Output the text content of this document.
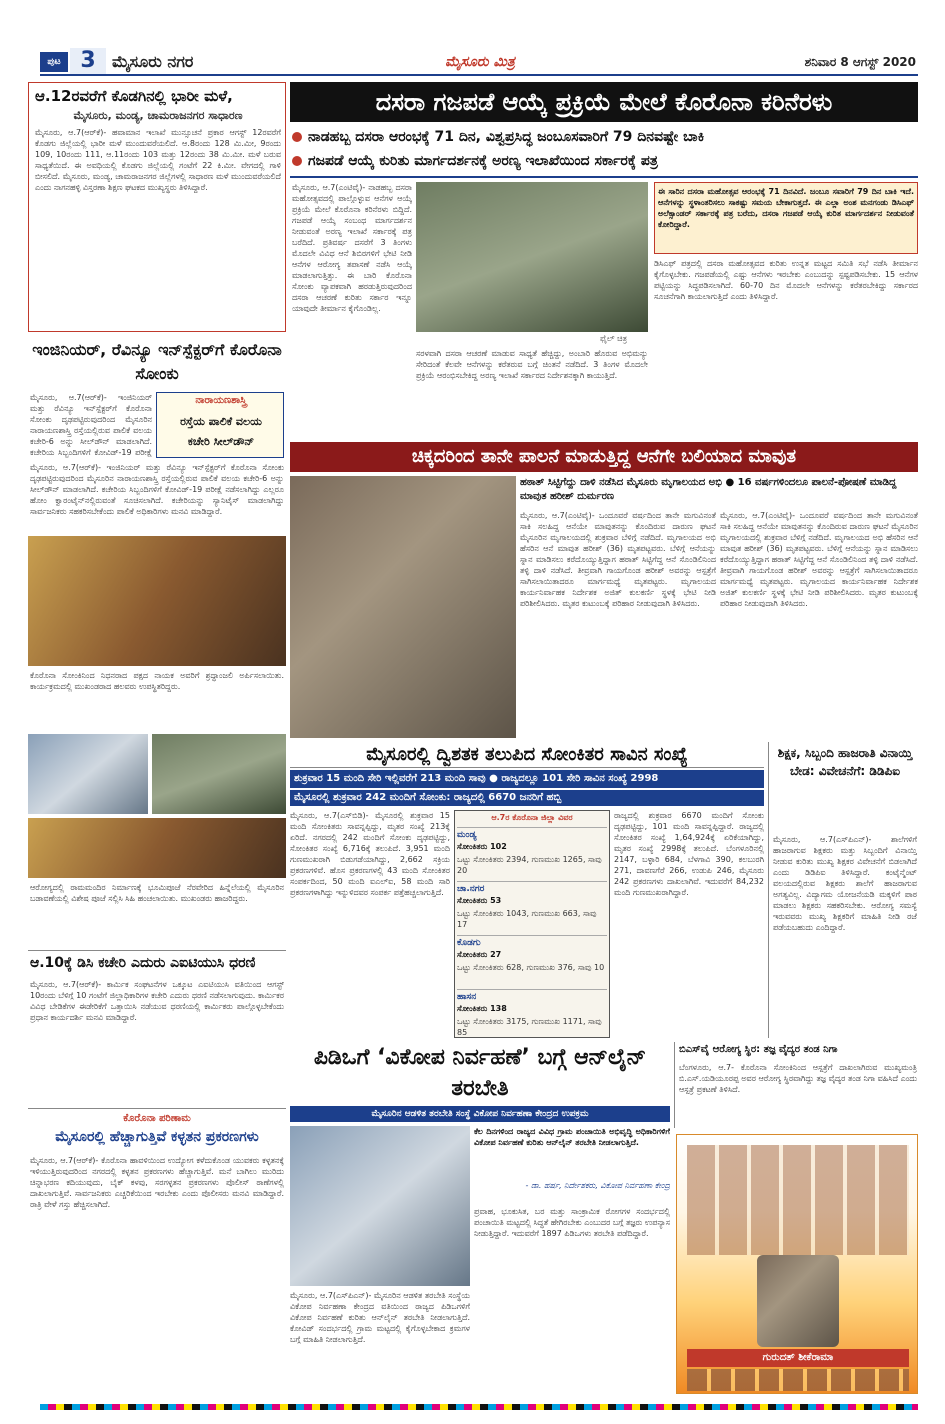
ಪುಟ 3	ಮೈಸೂರು ನಗರ	ಮೈಸೂರು ಮಿತ್ರ	ಶನಿವಾರ 8 ಆಗಸ್ಟ್ 2020
ಆ.12ರವರೆಗೆ ಕೊಡಗಿನಲ್ಲಿ ಭಾರೀ ಮಳೆ,
ಮೈಸೂರು, ಮಂಡ್ಯ, ಚಾಮರಾಜನಗರ ಸಾಧಾರಣ
ಮೈಸೂರು, ಆ.7(ಆರ್‌ಕೆ)- ಹವಾಮಾನ ಇಲಾಖೆ ಮುನ್ಸೂಚನೆ ಪ್ರಕಾರ ಆಗಸ್ಟ್ 12ರವರೆಗೆ ಕೊಡಗು ಜಿಲ್ಲೆಯಲ್ಲಿ ಭಾರೀ ಮಳೆ ಮುಂದುವರೆಯಲಿದೆ. ಆ.8ರಂದು 128 ಮಿ.ಮೀ, 9ರಂದು 109, 10ರಂದು 111, ಆ.11ರಂದು 103 ಮತ್ತು 12ರಂದು 38 ಮಿ.ಮೀ. ಮಳೆ ಬರುವ ಸಾಧ್ಯತೆಯಿದೆ. ಈ ಅವಧಿಯಲ್ಲಿ ಕೊಡಗು ಜಿಲ್ಲೆಯಲ್ಲಿ ಗಂಟೆಗೆ 22 ಕಿ.ಮೀ. ವೇಗದಲ್ಲಿ ಗಾಳಿ ಬೀಸಲಿದೆ. ಮೈಸೂರು, ಮಂಡ್ಯ, ಚಾಮರಾಜನಗರ ಜಿಲ್ಲೆಗಳಲ್ಲಿ ಸಾಧಾರಣ ಮಳೆ ಮುಂದುವರೆಯಲಿದೆ ಎಂದು ನಾಗನಹಳ್ಳಿ ವಿಸ್ತರಣಾ ಶಿಕ್ಷಣ ಘಟಕದ ಮುಖ್ಯಸ್ಥರು ತಿಳಿಸಿದ್ದಾರೆ.
ಇಂಜಿನಿಯರ್, ರೆವಿನ್ಯೂ ಇನ್‌ಸ್ಪೆಕ್ಟರ್‌ಗೆ ಕೊರೊನಾ ಸೋಂಕು
ನಾರಾಯಣಶಾಸ್ತ್ರಿ
ರಸ್ತೆಯ ಪಾಲಿಕೆ ವಲಯ
ಕಚೇರಿ ಸೀಲ್‌ಡೌನ್
ಮೈಸೂರು, ಆ.7(ಆರ್‌ಕೆ)- ಇಂಜಿನಿಯರ್ ಮತ್ತು ರೆವಿನ್ಯೂ ಇನ್‌ಸ್ಪೆಕ್ಟರ್‌ಗೆ ಕೊರೊನಾ ಸೋಂಕು ದೃಢಪಟ್ಟಿರುವುದರಿಂದ ಮೈಸೂರಿನ ನಾರಾಯಣಶಾಸ್ತ್ರಿ ರಸ್ತೆಯಲ್ಲಿರುವ ಪಾಲಿಕೆ ವಲಯ ಕಚೇರಿ-6 ಅನ್ನು ಸೀಲ್‌ಡೌನ್ ಮಾಡಲಾಗಿದೆ. ಕಚೇರಿಯ ಸಿಬ್ಬಂದಿಗಳಿಗೆ ಕೋವಿಡ್-19 ಪರೀಕ್ಷೆ
ಮೈಸೂರು, ಆ.7(ಆರ್‌ಕೆ)- ಇಂಜಿನಿಯರ್ ಮತ್ತು ರೆವಿನ್ಯೂ ಇನ್‌ಸ್ಪೆಕ್ಟರ್‌ಗೆ ಕೊರೊನಾ ಸೋಂಕು ದೃಢಪಟ್ಟಿರುವುದರಿಂದ ಮೈಸೂರಿನ ನಾರಾಯಣಶಾಸ್ತ್ರಿ ರಸ್ತೆಯಲ್ಲಿರುವ ಪಾಲಿಕೆ ವಲಯ ಕಚೇರಿ-6 ಅನ್ನು ಸೀಲ್‌ಡೌನ್ ಮಾಡಲಾಗಿದೆ. ಕಚೇರಿಯ ಸಿಬ್ಬಂದಿಗಳಿಗೆ ಕೋವಿಡ್-19 ಪರೀಕ್ಷೆ ನಡೆಸಲಾಗಿದ್ದು ಎಲ್ಲರೂ ಹೋಂ ಕ್ವಾರಂಟೈನ್‌ನಲ್ಲಿರುವಂತೆ ಸೂಚಿಸಲಾಗಿದೆ. ಕಚೇರಿಯನ್ನು ಸ್ಯಾನಿಟೈಸ್ ಮಾಡಲಾಗಿದ್ದು ಸಾರ್ವಜನಿಕರು ಸಹಕರಿಸಬೇಕೆಂದು ಪಾಲಿಕೆ ಅಧಿಕಾರಿಗಳು ಮನವಿ ಮಾಡಿದ್ದಾರೆ.
ಕೊರೊನಾ ಸೋಂಕಿನಿಂದ ನಿಧನರಾದ ಪಕ್ಷದ ನಾಯಕ ಅವರಿಗೆ ಶ್ರದ್ಧಾಂಜಲಿ ಅರ್ಪಿಸಲಾಯಿತು. ಕಾರ್ಯಕ್ರಮದಲ್ಲಿ ಮುಖಂಡರಾದ ಹಲವರು ಉಪಸ್ಥಿತರಿದ್ದರು.
ಆರೋಗ್ಯದಲ್ಲಿ ರಾಮಮಂದಿರ ನಿರ್ಮಾಣಕ್ಕೆ ಭೂಮಿಪೂಜೆ ನೆರವೇರಿದ ಹಿನ್ನೆಲೆಯಲ್ಲಿ ಮೈಸೂರಿನ ಬಡಾವಣೆಯಲ್ಲಿ ವಿಶೇಷ ಪೂಜೆ ಸಲ್ಲಿಸಿ ಸಿಹಿ ಹಂಚಲಾಯಿತು. ಮುಖಂಡರು ಹಾಜರಿದ್ದರು.
ಆ.10ಕ್ಕೆ ಡಿಸಿ ಕಚೇರಿ ಎದುರು ಎಐಟಿಯುಸಿ ಧರಣಿ
ಮೈಸೂರು, ಆ.7(ಆರ್‌ಕೆ)- ಕಾರ್ಮಿಕ ಸಂಘಟನೆಗಳ ಒಕ್ಕೂಟ ಎಐಟಿಯುಸಿ ವತಿಯಿಂದ ಆಗಸ್ಟ್ 10ರಂದು ಬೆಳಿಗ್ಗೆ 10 ಗಂಟೆಗೆ ಜಿಲ್ಲಾಧಿಕಾರಿಗಳ ಕಚೇರಿ ಎದುರು ಧರಣಿ ನಡೆಸಲಾಗುವುದು. ಕಾರ್ಮಿಕರ ವಿವಿಧ ಬೇಡಿಕೆಗಳ ಈಡೇರಿಕೆಗೆ ಒತ್ತಾಯಿಸಿ ನಡೆಯುವ ಧರಣಿಯಲ್ಲಿ ಕಾರ್ಮಿಕರು ಪಾಲ್ಗೊಳ್ಳಬೇಕೆಂದು ಪ್ರಧಾನ ಕಾರ್ಯದರ್ಶಿ ಮನವಿ ಮಾಡಿದ್ದಾರೆ.
ಕೊರೊನಾ ಪರಿಣಾಮ
ಮೈಸೂರಲ್ಲಿ ಹೆಚ್ಚಾಗುತ್ತಿವೆ ಕಳ್ಳತನ ಪ್ರಕರಣಗಳು
ಮೈಸೂರು, ಆ.7(ಆರ್‌ಕೆ)- ಕೊರೊನಾ ಹಾವಳಿಯಿಂದ ಉದ್ಯೋಗ ಕಳೆದುಕೊಂಡ ಯುವಕರು ಕಳ್ಳತನಕ್ಕೆ ಇಳಿಯುತ್ತಿರುವುದರಿಂದ ನಗರದಲ್ಲಿ ಕಳ್ಳತನ ಪ್ರಕರಣಗಳು ಹೆಚ್ಚಾಗುತ್ತಿವೆ. ಮನೆ ಬಾಗಿಲು ಮುರಿದು ಚಿನ್ನಾಭರಣ ಕದಿಯುವುದು, ಬೈಕ್ ಕಳವು, ಸರಗಳ್ಳತನ ಪ್ರಕರಣಗಳು ಪೊಲೀಸ್ ಠಾಣೆಗಳಲ್ಲಿ ದಾಖಲಾಗುತ್ತಿವೆ. ಸಾರ್ವಜನಿಕರು ಎಚ್ಚರಿಕೆಯಿಂದ ಇರಬೇಕು ಎಂದು ಪೊಲೀಸರು ಮನವಿ ಮಾಡಿದ್ದಾರೆ. ರಾತ್ರಿ ವೇಳೆ ಗಸ್ತು ಹೆಚ್ಚಿಸಲಾಗಿದೆ.
ದಸರಾ ಗಜಪಡೆ ಆಯ್ಕೆ ಪ್ರಕ್ರಿಯೆ ಮೇಲೆ ಕೊರೊನಾ ಕರಿನೆರಳು
ನಾಡಹಬ್ಬ ದಸರಾ ಆರಂಭಕ್ಕೆ 71 ದಿನ, ವಿಶ್ವಪ್ರಸಿದ್ಧ ಜಂಬೂಸವಾರಿಗೆ 79 ದಿನವಷ್ಟೇ ಬಾಕಿ
ಗಜಪಡೆ ಆಯ್ಕೆ ಕುರಿತು ಮಾರ್ಗದರ್ಶನಕ್ಕೆ ಅರಣ್ಯ ಇಲಾಖೆಯಿಂದ ಸರ್ಕಾರಕ್ಕೆ ಪತ್ರ
ಮೈಸೂರು, ಆ.7(ಎಂಟಿವೈ)- ನಾಡಹಬ್ಬ ದಸರಾ ಮಹೋತ್ಸವದಲ್ಲಿ ಪಾಲ್ಗೊಳ್ಳುವ ಆನೆಗಳ ಆಯ್ಕೆ ಪ್ರಕ್ರಿಯೆ ಮೇಲೆ ಕೊರೊನಾ ಕರಿನೆರಳು ಬಿದ್ದಿದೆ. ಗಜಪಡೆ ಆಯ್ಕೆ ಸಂಬಂಧ ಮಾರ್ಗದರ್ಶನ ನೀಡುವಂತೆ ಅರಣ್ಯ ಇಲಾಖೆ ಸರ್ಕಾರಕ್ಕೆ ಪತ್ರ ಬರೆದಿದೆ. ಪ್ರತಿವರ್ಷ ದಸರೆಗೆ 3 ತಿಂಗಳು ಮೊದಲೇ ವಿವಿಧ ಆನೆ ಶಿಬಿರಗಳಿಗೆ ಭೇಟಿ ನೀಡಿ ಆನೆಗಳ ಆರೋಗ್ಯ ತಪಾಸಣೆ ನಡೆಸಿ ಆಯ್ಕೆ ಮಾಡಲಾಗುತ್ತಿತ್ತು. ಈ ಬಾರಿ ಕೊರೊನಾ ಸೋಂಕು ವ್ಯಾಪಕವಾಗಿ ಹರಡುತ್ತಿರುವುದರಿಂದ ದಸರಾ ಆಚರಣೆ ಕುರಿತು ಸರ್ಕಾರ ಇನ್ನೂ ಯಾವುದೇ ತೀರ್ಮಾನ ಕೈಗೊಂಡಿಲ್ಲ.
ಫೈಲ್ ಚಿತ್ರ
ಸರಳವಾಗಿ ದಸರಾ ಆಚರಣೆ ಮಾಡುವ ಸಾಧ್ಯತೆ ಹೆಚ್ಚಿದ್ದು, ಅಂಬಾರಿ ಹೊರುವ ಅಭಿಮನ್ಯು ಸೇರಿದಂತೆ ಕೆಲವೇ ಆನೆಗಳನ್ನು ಕರೆತರುವ ಬಗ್ಗೆ ಚಿಂತನೆ ನಡೆದಿದೆ. 3 ತಿಂಗಳ ಮೊದಲೇ ಪ್ರಕ್ರಿಯೆ ಆರಂಭಿಸಬೇಕಿದ್ದ ಅರಣ್ಯ ಇಲಾಖೆ ಸರ್ಕಾರದ ನಿರ್ದೇಶನಕ್ಕಾಗಿ ಕಾಯುತ್ತಿದೆ.
ಈ ಸಾರಿನ ದಸರಾ ಮಹೋತ್ಸವ ಆರಂಭಕ್ಕೆ 71 ದಿನವಿದೆ. ಜಂಬೂ ಸವಾರಿಗೆ 79 ದಿನ ಬಾಕಿ ಇದೆ. ಆನೆಗಳನ್ನು ಸ್ಥಳಾಂತರಿಸಲು ಸಾಕಷ್ಟು ಸಮಯ ಬೇಕಾಗುತ್ತದೆ. ಈ ಎಲ್ಲಾ ಅಂಶ ಮನಗಂಡು ಡಿಸಿಎಫ್ ಅಲೆಕ್ಸಾಂಡರ್ ಸರ್ಕಾರಕ್ಕೆ ಪತ್ರ ಬರೆದು, ದಸರಾ ಗಜಪಡೆ ಆಯ್ಕೆ ಕುರಿತ ಮಾರ್ಗದರ್ಶನ ನೀಡುವಂತೆ ಕೋರಿದ್ದಾರೆ.
ಡಿಸಿಎಫ್ ಪತ್ರದಲ್ಲಿ ದಸರಾ ಮಹೋತ್ಸವದ ಕುರಿತು ಉನ್ನತ ಮಟ್ಟದ ಸಮಿತಿ ಸಭೆ ನಡೆಸಿ ತೀರ್ಮಾನ ಕೈಗೊಳ್ಳಬೇಕು. ಗಜಪಡೆಯಲ್ಲಿ ಎಷ್ಟು ಆನೆಗಳು ಇರಬೇಕು ಎಂಬುದನ್ನು ಸ್ಪಷ್ಟಪಡಿಸಬೇಕು. 15 ಆನೆಗಳ ಪಟ್ಟಿಯನ್ನು ಸಿದ್ಧಪಡಿಸಲಾಗಿದೆ. 60-70 ದಿನ ಮೊದಲೇ ಆನೆಗಳನ್ನು ಕರೆತರಬೇಕಿದ್ದು ಸರ್ಕಾರದ ಸೂಚನೆಗಾಗಿ ಕಾಯಲಾಗುತ್ತಿದೆ ಎಂದು ತಿಳಿಸಿದ್ದಾರೆ.
ಚಿಕ್ಕದರಿಂದ ತಾನೇ ಪಾಲನೆ ಮಾಡುತ್ತಿದ್ದ ಆನೆಗೇ ಬಲಿಯಾದ ಮಾವುತ
ಹಠಾತ್ ಸಿಟ್ಟಿಗೆದ್ದು ದಾಳಿ ನಡೆಸಿದ ಮೈಸೂರು ಮೃಗಾಲಯದ ಅಭಿ ● 16 ವರ್ಷಗಳಿಂದಲೂ ಪಾಲನೆ-ಪೋಷಣೆ ಮಾಡಿದ್ದ ಮಾವುತ ಹರೀಶ್ ದುರ್ಮರಣ
ಮೈಸೂರು, ಆ.7(ಎಂಟಿವೈ)- ಒಂದೂವರೆ ವರ್ಷದಿಂದ ತಾನೇ ಮಗುವಿನಂತೆ ಸಾಕಿ ಸಲಹಿದ್ದ ಆನೆಯೇ ಮಾವುತನನ್ನು ಕೊಂದಿರುವ ದಾರುಣ ಘಟನೆ ಮೈಸೂರಿನ ಮೃಗಾಲಯದಲ್ಲಿ ಶುಕ್ರವಾರ ಬೆಳಿಗ್ಗೆ ನಡೆದಿದೆ. ಮೃಗಾಲಯದ ಅಭಿ ಹೆಸರಿನ ಆನೆ ಮಾವುತ ಹರೀಶ್ (36) ಮೃತಪಟ್ಟವರು. ಬೆಳಿಗ್ಗೆ ಆನೆಯನ್ನು ಸ್ನಾನ ಮಾಡಿಸಲು ಕರೆದೊಯ್ಯುತ್ತಿದ್ದಾಗ ಹಠಾತ್ ಸಿಟ್ಟಿಗೆದ್ದ ಆನೆ ಸೊಂಡಿಲಿನಿಂದ ತಳ್ಳಿ ದಾಳಿ ನಡೆಸಿದೆ. ತೀವ್ರವಾಗಿ ಗಾಯಗೊಂಡ ಹರೀಶ್ ಅವರನ್ನು ಆಸ್ಪತ್ರೆಗೆ ಸಾಗಿಸಲಾಯಿತಾದರೂ ಮಾರ್ಗಮಧ್ಯೆ ಮೃತಪಟ್ಟರು. ಮೃಗಾಲಯದ ಕಾರ್ಯನಿರ್ವಾಹಕ ನಿರ್ದೇಶಕ ಅಜಿತ್ ಕುಲಕರ್ಣಿ ಸ್ಥಳಕ್ಕೆ ಭೇಟಿ ನೀಡಿ ಪರಿಶೀಲಿಸಿದರು. ಮೃತರ ಕುಟುಂಬಕ್ಕೆ ಪರಿಹಾರ ನೀಡುವುದಾಗಿ ತಿಳಿಸಿದರು.
ಮೈಸೂರು, ಆ.7(ಎಂಟಿವೈ)- ಒಂದೂವರೆ ವರ್ಷದಿಂದ ತಾನೇ ಮಗುವಿನಂತೆ ಸಾಕಿ ಸಲಹಿದ್ದ ಆನೆಯೇ ಮಾವುತನನ್ನು ಕೊಂದಿರುವ ದಾರುಣ ಘಟನೆ ಮೈಸೂರಿನ ಮೃಗಾಲಯದಲ್ಲಿ ಶುಕ್ರವಾರ ಬೆಳಿಗ್ಗೆ ನಡೆದಿದೆ. ಮೃಗಾಲಯದ ಅಭಿ ಹೆಸರಿನ ಆನೆ ಮಾವುತ ಹರೀಶ್ (36) ಮೃತಪಟ್ಟವರು. ಬೆಳಿಗ್ಗೆ ಆನೆಯನ್ನು ಸ್ನಾನ ಮಾಡಿಸಲು ಕರೆದೊಯ್ಯುತ್ತಿದ್ದಾಗ ಹಠಾತ್ ಸಿಟ್ಟಿಗೆದ್ದ ಆನೆ ಸೊಂಡಿಲಿನಿಂದ ತಳ್ಳಿ ದಾಳಿ ನಡೆಸಿದೆ. ತೀವ್ರವಾಗಿ ಗಾಯಗೊಂಡ ಹರೀಶ್ ಅವರನ್ನು ಆಸ್ಪತ್ರೆಗೆ ಸಾಗಿಸಲಾಯಿತಾದರೂ ಮಾರ್ಗಮಧ್ಯೆ ಮೃತಪಟ್ಟರು. ಮೃಗಾಲಯದ ಕಾರ್ಯನಿರ್ವಾಹಕ ನಿರ್ದೇಶಕ ಅಜಿತ್ ಕುಲಕರ್ಣಿ ಸ್ಥಳಕ್ಕೆ ಭೇಟಿ ನೀಡಿ ಪರಿಶೀಲಿಸಿದರು. ಮೃತರ ಕುಟುಂಬಕ್ಕೆ ಪರಿಹಾರ ನೀಡುವುದಾಗಿ ತಿಳಿಸಿದರು.
ಮೈಸೂರಲ್ಲಿ ದ್ವಿಶತಕ ತಲುಪಿದ ಸೋಂಕಿತರ ಸಾವಿನ ಸಂಖ್ಯೆ
ಶುಕ್ರವಾರ 15 ಮಂದಿ ಸೇರಿ ಇಲ್ಲಿವರೆಗೆ 213 ಮಂದಿ ಸಾವು ● ರಾಜ್ಯದಲ್ಲೂ 101 ಸೇರಿ ಸಾವಿನ ಸಂಖ್ಯೆ 2998
ಮೈಸೂರಲ್ಲಿ ಶುಕ್ರವಾರ 242 ಮಂದಿಗೆ ಸೋಂಕು: ರಾಜ್ಯದಲ್ಲಿ 6670 ಜನರಿಗೆ ಹಬ್ಬಿ
ಮೈಸೂರು, ಆ.7(ಎಸ್‌ಬಿಡಿ)- ಮೈಸೂರಲ್ಲಿ ಶುಕ್ರವಾರ 15 ಮಂದಿ ಸೋಂಕಿತರು ಸಾವನ್ನಪ್ಪಿದ್ದು, ಮೃತರ ಸಂಖ್ಯೆ 213ಕ್ಕೆ ಏರಿದೆ. ನಗರದಲ್ಲಿ 242 ಮಂದಿಗೆ ಸೋಂಕು ದೃಢಪಟ್ಟಿದ್ದು, ಸೋಂಕಿತರ ಸಂಖ್ಯೆ 6,716ಕ್ಕೆ ತಲುಪಿದೆ. 3,951 ಮಂದಿ ಗುಣಮುಖರಾಗಿ ಬಿಡುಗಡೆಯಾಗಿದ್ದು, 2,662 ಸಕ್ರಿಯ ಪ್ರಕರಣಗಳಿವೆ. ಹೊಸ ಪ್ರಕರಣಗಳಲ್ಲಿ 43 ಮಂದಿ ಸೋಂಕಿತರ ಸಂಪರ್ಕದಿಂದ, 50 ಮಂದಿ ಐಎಲ್‌ಐ, 58 ಮಂದಿ ಸಾರಿ ಪ್ರಕರಣಗಳಾಗಿದ್ದು ಇನ್ನುಳಿದವರ ಸಂಪರ್ಕ ಪತ್ತೆಹಚ್ಚಲಾಗುತ್ತಿದೆ.
ಆ.7ರ ಕೊರೊನಾ ಜಿಲ್ಲಾ ವಿವರ
ಮಂಡ್ಯ
ಸೋಂಕಿತರು 102
ಒಟ್ಟು ಸೋಂಕಿತರು 2394, ಗುಣಮುಖ 1265, ಸಾವು 20
ಚಾ.ನಗರ
ಸೋಂಕಿತರು 53
ಒಟ್ಟು ಸೋಂಕಿತರು 1043, ಗುಣಮುಖ 663, ಸಾವು 17
ಕೊಡಗು
ಸೋಂಕಿತರು 27
ಒಟ್ಟು ಸೋಂಕಿತರು 628, ಗುಣಮುಖ 376, ಸಾವು 10
ಹಾಸನ
ಸೋಂಕಿತರು 138
ಒಟ್ಟು ಸೋಂಕಿತರು 3175, ಗುಣಮುಖ 1171, ಸಾವು 85
ರಾಜ್ಯದಲ್ಲಿ ಶುಕ್ರವಾರ 6670 ಮಂದಿಗೆ ಸೋಂಕು ದೃಢಪಟ್ಟಿದ್ದು, 101 ಮಂದಿ ಸಾವನ್ನಪ್ಪಿದ್ದಾರೆ. ರಾಜ್ಯದಲ್ಲಿ ಸೋಂಕಿತರ ಸಂಖ್ಯೆ 1,64,924ಕ್ಕೆ ಏರಿಕೆಯಾಗಿದ್ದು, ಮೃತರ ಸಂಖ್ಯೆ 2998ಕ್ಕೆ ತಲುಪಿದೆ. ಬೆಂಗಳೂರಿನಲ್ಲಿ 2147, ಬಳ್ಳಾರಿ 684, ಬೆಳಗಾವಿ 390, ಕಲಬುರಗಿ 271, ದಾವಣಗೆರೆ 266, ಉಡುಪಿ 246, ಮೈಸೂರು 242 ಪ್ರಕರಣಗಳು ದಾಖಲಾಗಿವೆ. ಇದುವರೆಗೆ 84,232 ಮಂದಿ ಗುಣಮುಖರಾಗಿದ್ದಾರೆ.
ಶಿಕ್ಷಕ, ಸಿಬ್ಬಂದಿ ಹಾಜರಾತಿ ವಿನಾಯ್ತಿ ಬೇಡ: ವಿವೇಚನೆಗೆ: ಡಿಡಿಪಿಐ
ಮೈಸೂರು, ಆ.7(ಎಸ್‌ಪಿಎನ್)- ಶಾಲೆಗಳಿಗೆ ಹಾಜರಾಗುವ ಶಿಕ್ಷಕರು ಮತ್ತು ಸಿಬ್ಬಂದಿಗೆ ವಿನಾಯ್ತಿ ನೀಡುವ ಕುರಿತು ಮುಖ್ಯ ಶಿಕ್ಷಕರ ವಿವೇಚನೆಗೆ ಬಿಡಲಾಗಿದೆ ಎಂದು ಡಿಡಿಪಿಐ ತಿಳಿಸಿದ್ದಾರೆ. ಕಂಟೈನ್ಮೆಂಟ್ ವಲಯದಲ್ಲಿರುವ ಶಿಕ್ಷಕರು ಶಾಲೆಗೆ ಹಾಜರಾಗುವ ಅಗತ್ಯವಿಲ್ಲ. ವಿದ್ಯಾಗಮ ಯೋಜನೆಯಡಿ ಮಕ್ಕಳಿಗೆ ಪಾಠ ಮಾಡಲು ಶಿಕ್ಷಕರು ಸಹಕರಿಸಬೇಕು. ಆರೋಗ್ಯ ಸಮಸ್ಯೆ ಇರುವವರು ಮುಖ್ಯ ಶಿಕ್ಷಕರಿಗೆ ಮಾಹಿತಿ ನೀಡಿ ರಜೆ ಪಡೆಯಬಹುದು ಎಂದಿದ್ದಾರೆ.
ಪಿಡಿಒಗೆ ‘ವಿಕೋಪ ನಿರ್ವಹಣೆ’ ಬಗ್ಗೆ ಆನ್‌ಲೈನ್ ತರಬೇತಿ
ಮೈಸೂರಿನ ಆಡಳಿತ ತರಬೇತಿ ಸಂಸ್ಥೆ ವಿಕೋಪ ನಿರ್ವಹಣಾ ಕೇಂದ್ರದ ಉಪಕ್ರಮ
ಕೆಲ ದಿನಗಳಿಂದ ರಾಜ್ಯದ ವಿವಿಧ ಗ್ರಾಮ ಪಂಚಾಯಿತಿ ಅಭಿವೃದ್ಧಿ ಅಧಿಕಾರಿಗಳಿಗೆ ವಿಕೋಪ ನಿರ್ವಹಣೆ ಕುರಿತು ಆನ್‌ಲೈನ್ ತರಬೇತಿ ನೀಡಲಾಗುತ್ತಿದೆ.
- ಡಾ. ಹರ್ಷ, ನಿರ್ದೇಶಕರು, ವಿಕೋಪ ನಿರ್ವಹಣಾ ಕೇಂದ್ರ
ಪ್ರವಾಹ, ಭೂಕುಸಿತ, ಬರ ಮತ್ತು ಸಾಂಕ್ರಾಮಿಕ ರೋಗಗಳ ಸಂದರ್ಭದಲ್ಲಿ ಪಂಚಾಯಿತಿ ಮಟ್ಟದಲ್ಲಿ ಸಿದ್ಧತೆ ಹೇಗಿರಬೇಕು ಎಂಬುದರ ಬಗ್ಗೆ ತಜ್ಞರು ಉಪನ್ಯಾಸ ನೀಡುತ್ತಿದ್ದಾರೆ. ಇದುವರೆಗೆ 1897 ಪಿಡಿಒಗಳು ತರಬೇತಿ ಪಡೆದಿದ್ದಾರೆ.
ಮೈಸೂರು, ಆ.7(ಎಸ್‌ಪಿಎನ್)- ಮೈಸೂರಿನ ಆಡಳಿತ ತರಬೇತಿ ಸಂಸ್ಥೆಯ ವಿಕೋಪ ನಿರ್ವಹಣಾ ಕೇಂದ್ರದ ವತಿಯಿಂದ ರಾಜ್ಯದ ಪಿಡಿಒಗಳಿಗೆ ವಿಕೋಪ ನಿರ್ವಹಣೆ ಕುರಿತು ಆನ್‌ಲೈನ್ ತರಬೇತಿ ನೀಡಲಾಗುತ್ತಿದೆ. ಕೋವಿಡ್ ಸಂದರ್ಭದಲ್ಲಿ ಗ್ರಾಮ ಮಟ್ಟದಲ್ಲಿ ಕೈಗೊಳ್ಳಬೇಕಾದ ಕ್ರಮಗಳ ಬಗ್ಗೆ ಮಾಹಿತಿ ನೀಡಲಾಗುತ್ತಿದೆ.
ಬಿಎಸ್‌ವೈ ಆರೋಗ್ಯ ಸ್ಥಿರ: ತಜ್ಞ ವೈದ್ಯರ ತಂಡ ನಿಗಾ
ಬೆಂಗಳೂರು, ಆ.7- ಕೊರೊನಾ ಸೋಂಕಿನಿಂದ ಆಸ್ಪತ್ರೆಗೆ ದಾಖಲಾಗಿರುವ ಮುಖ್ಯಮಂತ್ರಿ ಬಿ.ಎಸ್.ಯಡಿಯೂರಪ್ಪ ಅವರ ಆರೋಗ್ಯ ಸ್ಥಿರವಾಗಿದ್ದು ತಜ್ಞ ವೈದ್ಯರ ತಂಡ ನಿಗಾ ವಹಿಸಿದೆ ಎಂದು ಆಸ್ಪತ್ರೆ ಪ್ರಕಟಣೆ ತಿಳಿಸಿದೆ.
ಗುರುದತ್ ಶೀಕೆರಾಮಾ
